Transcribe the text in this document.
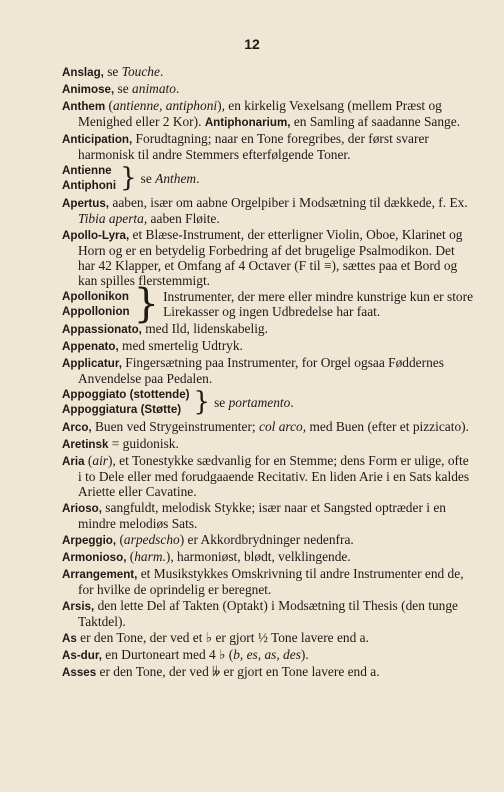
12

Anslag, se Touche.

Animose, se animato.

Anthem (antienne, antiphoni), en kirkelig Vexelsang (mellem Præst og Menighed eller 2 Kor). Antiphonarium, en Samling af saadanne Sange.

Anticipation, Forudtagning; naar en Tone foregribes, der først svarer harmonisk til andre Stemmers efterfølgende Toner.

Antienne
Antiphoni } se Anthem.

Apertus, aaben, især om aabne Orgelpiber i Modsætning til dækkede, f. Ex. Tibia aperta, aaben Fløite.

Apollo-Lyra, et Blæse-Instrument, der etterligner Violin, Oboe, Klarinet og Horn og er en betydelig Forbedring af det brugelige Psalmodikon. Det har 42 Klapper, et Omfang af 4 Octaver (F til ≡), sættes paa et Bord og kan spilles flerstemmigt.

Apollonikon
Appollonion } Instrumenter, der mere eller mindre kunstrige kun er store Lirekasser og ingen Udbredelse har faat.

Appassionato, med Ild, lidenskabelig.

Appenato, med smertelig Udtryk.

Applicatur, Fingersætning paa Instrumenter, for Orgel ogsaa Føddernes Anvendelse paa Pedalen.

Appoggiato (stottende)
Appoggiatura (Støtte) } se portamento.

Arco, Buen ved Strygeinstrumenter; col arco, med Buen (efter et pizzicato).

Aretinsk = guidonisk.

Aria (air), et Tonestykke sædvanlig for en Stemme; dens Form er ulige, ofte i to Dele eller med forudgaaende Recitativ. En liden Arie i en Sats kaldes Ariette eller Cavatine.

Arioso, sangfuldt, melodisk Stykke; især naar et Sangsted optræder i en mindre melodiøs Sats.

Arpeggio, (arpedscho) er Akkordbrydninger nedenfra.

Armonioso, (harm.), harmoniøst, blødt, velklingende.

Arrangement, et Musikstykkes Omskrivning til andre Instrumenter end de, for hvilke de oprindelig er beregnet.

Arsis, den lette Del af Takten (Optakt) i Modsætning til Thesis (den tunge Taktdel).

As er den Tone, der ved et ♭ er gjort ½ Tone lavere end a.

As-dur, en Durtoneart med 4 ♭ (b, es, as, des).

Asses er den Tone, der ved 𝄫 er gjort en Tone lavere end a.
